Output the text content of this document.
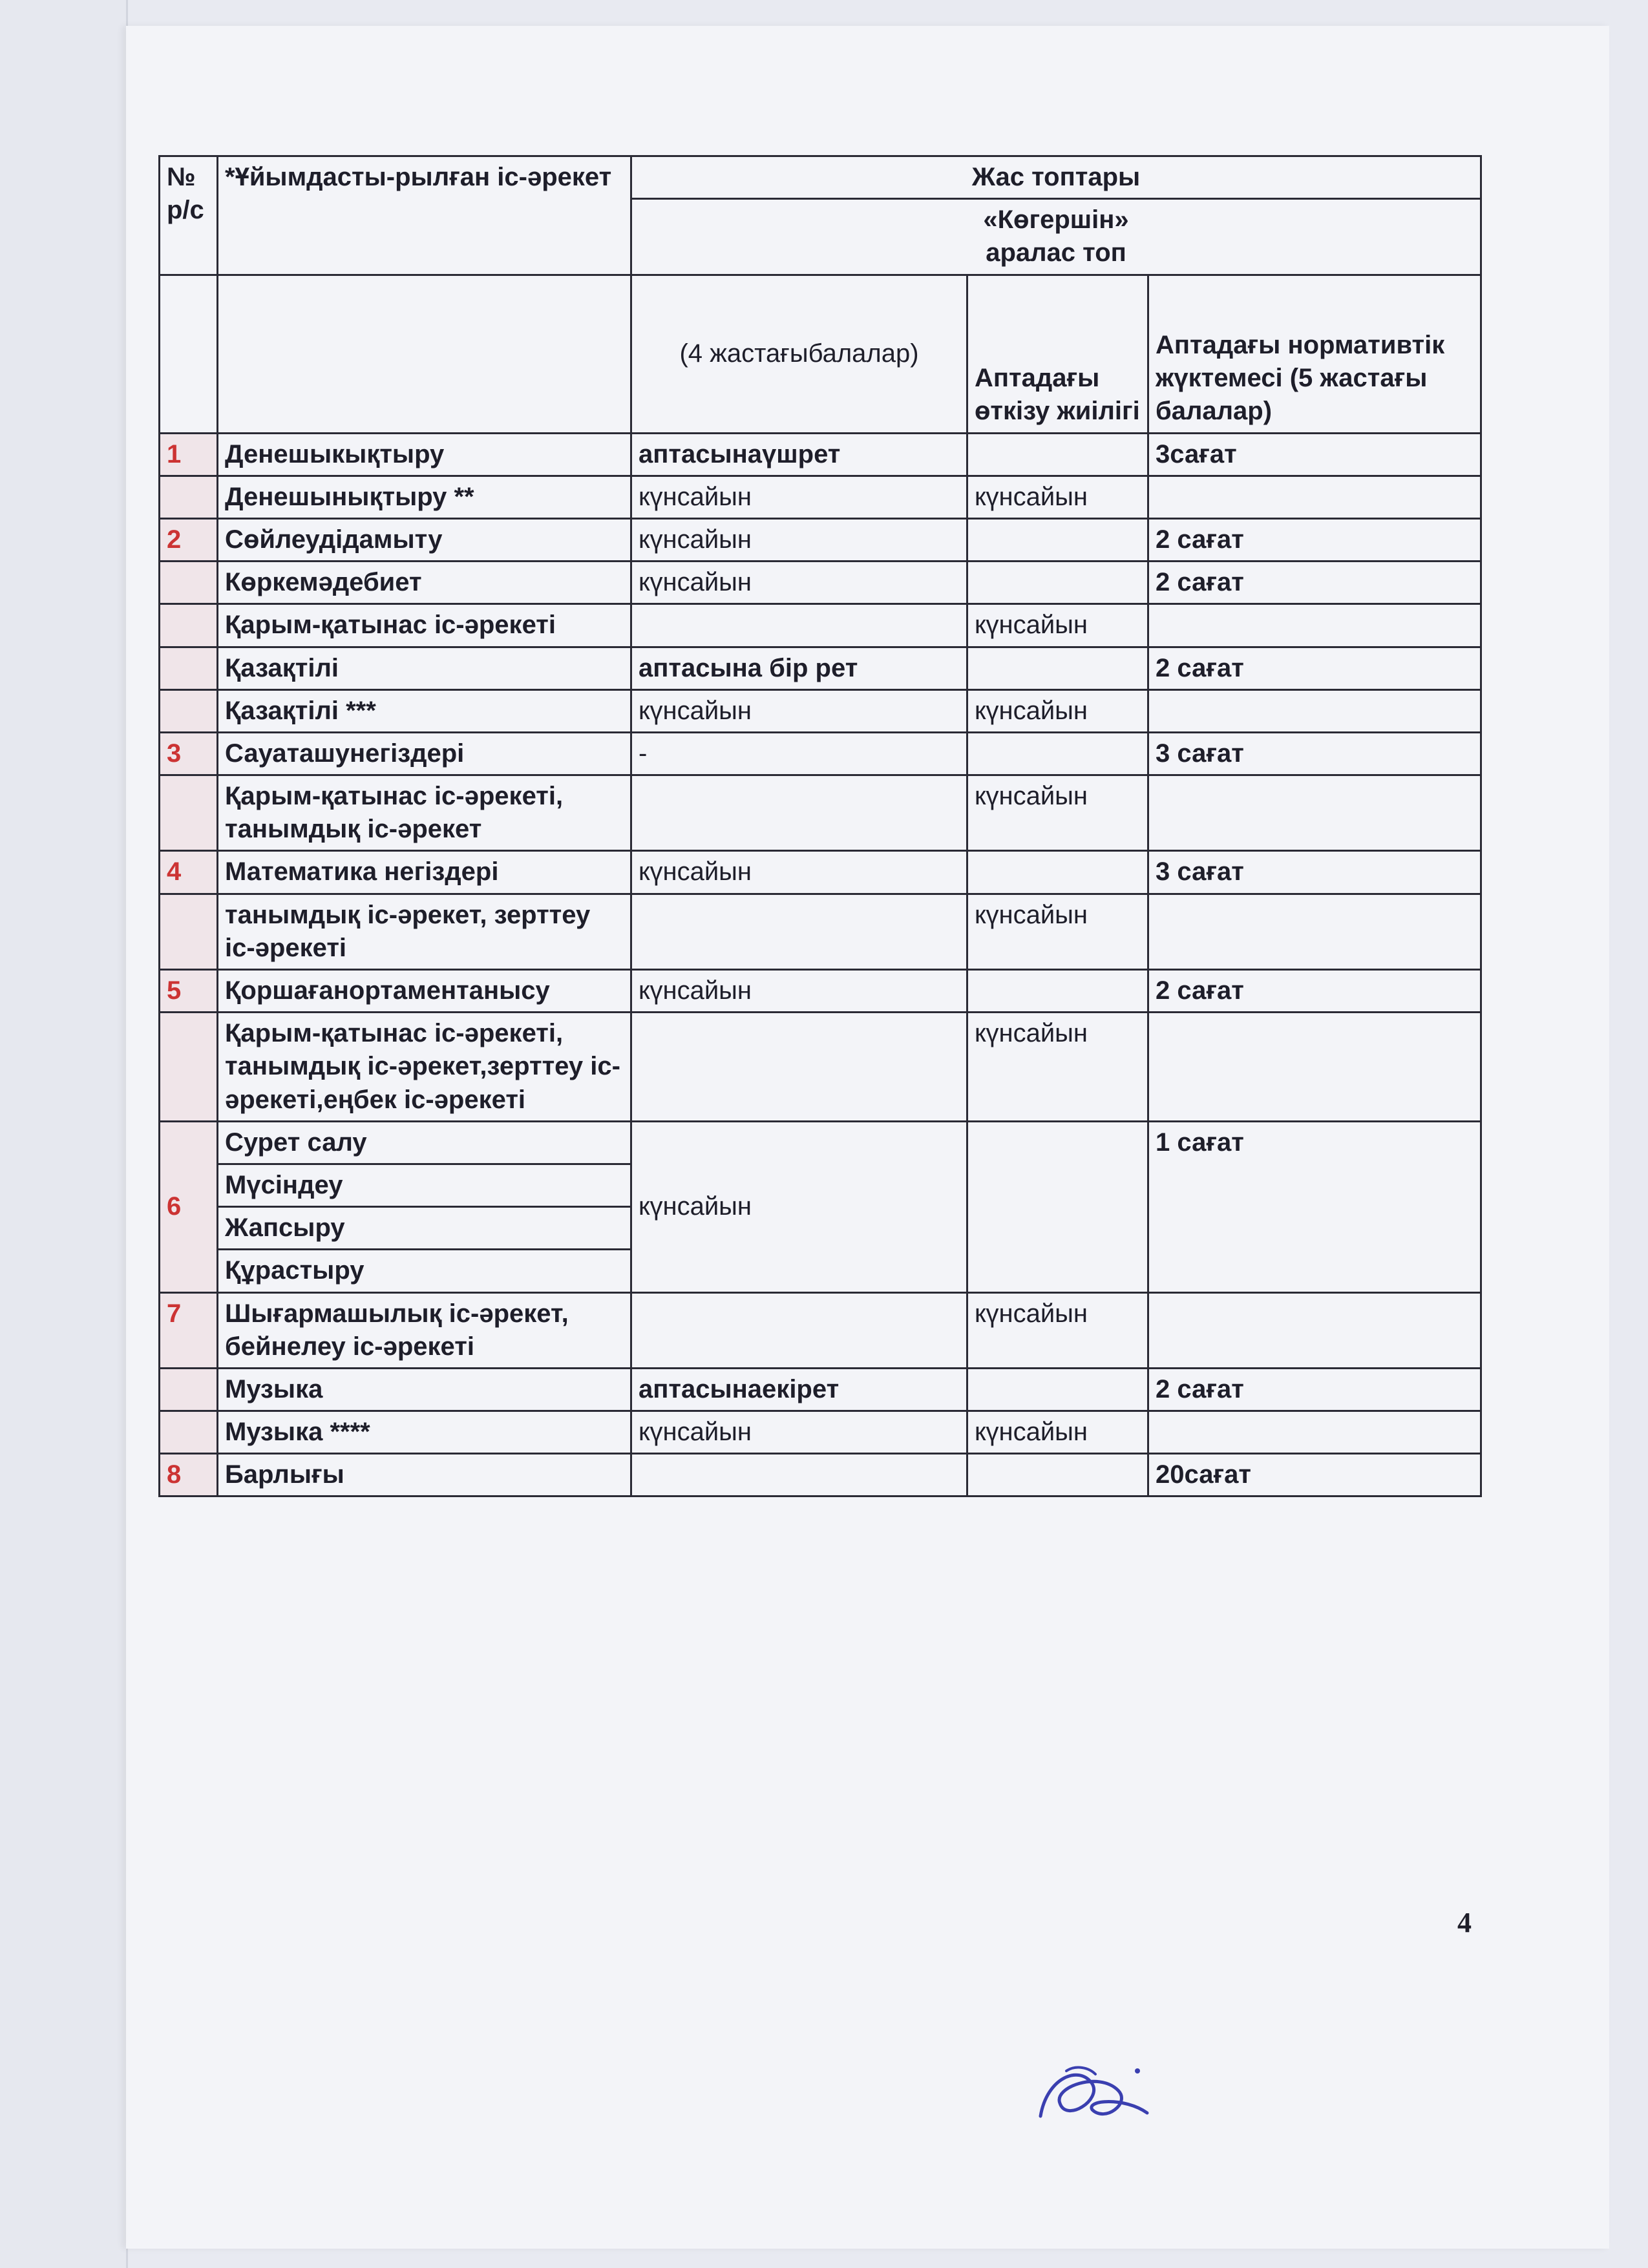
№ р/с	*Ұйымдасты-рылған іс-әрекет	Жас топтары		

		«Көгершін»
аралас топ		

		(4 жастағыбалалар)	Аптадағы өткізу жиілігі	Аптадағы нормативтік жүктемесі (5 жастағы балалар)
1	Денешыкықтыру	аптасынаүшрет		3сағат
	Денешынықтыру **	күнсайын	күнсайын	
2	Сөйлеудідамыту	күнсайын		2 сағат
	Көркемәдебиет	күнсайын		2 сағат
	Қарым-қатынас іс-әрекеті		күнсайын	
	Қазақтілі	аптасына бір рет		2 сағат
	Қазақтілі ***	күнсайын	күнсайын	
3	Сауаташунегіздері	-		3 сағат
	Қарым-қатынас іс-әрекеті, танымдық іс-әрекет		күнсайын	
4	Математика негіздері	күнсайын		3 сағат
	танымдық іс-әрекет, зерттеу іс-әрекеті		күнсайын	
5	Қоршағанортаментанысу	күнсайын		2 сағат
	Қарым-қатынас іс-әрекеті, танымдық іс-әрекет,зерттеу іс-әрекеті,еңбек іс-әрекеті		күнсайын	
6	Сурет салу	күнсайын		1 сағат
	Мүсіндеу			
	Жапсыру			
	Құрастыру			
7	Шығармашылық іс-әрекет, бейнелеу іс-әрекеті		күнсайын	
	Музыка	аптасынаекірет		2 сағат
	Музыка ****	күнсайын	күнсайын	
8	Барлығы			20сағат
4
